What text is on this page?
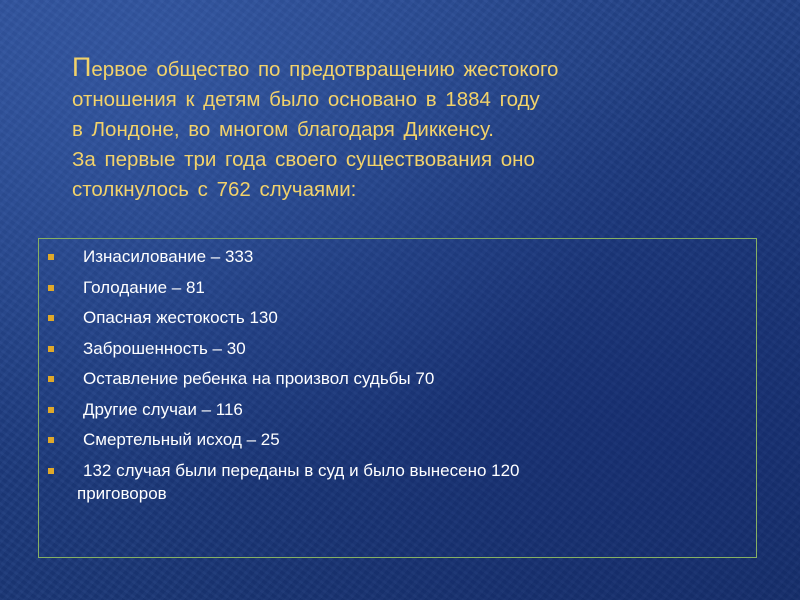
Первое общество по предотвращению жестокого
отношения к детям было основано в 1884 году
в Лондоне, во многом благодаря Диккенсу.
За первые три года своего существования оно
столкнулось с 762 случаями:
Изнасилование – 333
Голодание – 81
Опасная жестокость 130
Заброшенность – 30
Оставление ребенка на произвол судьбы 70
Другие случаи – 116
Смертельный исход – 25
132 случая были переданы в суд и было вынесено 120
приговоров
